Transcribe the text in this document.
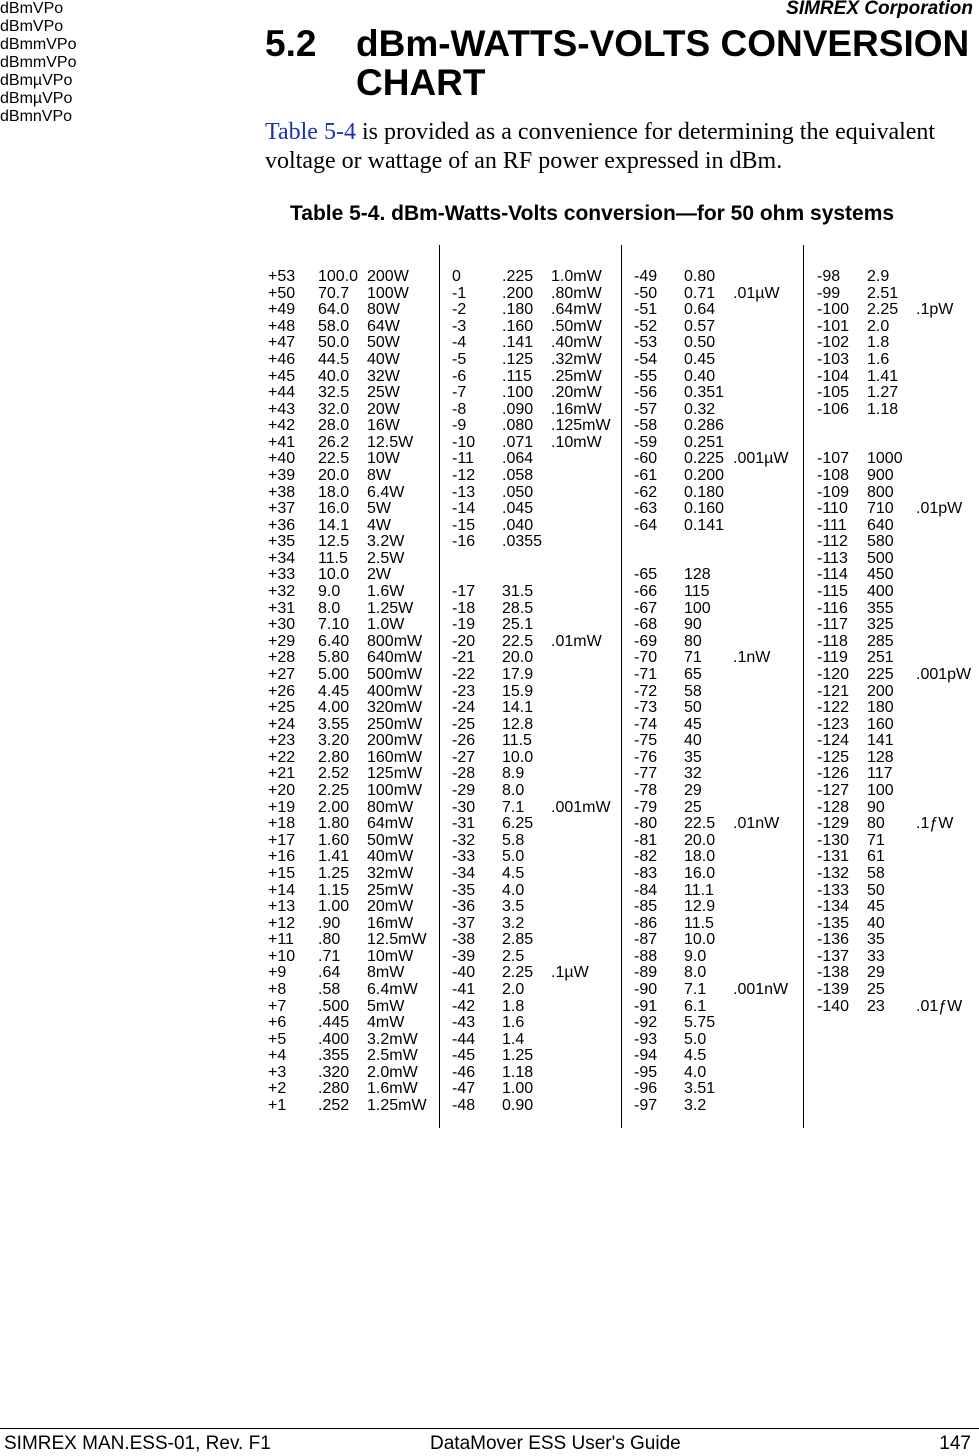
SIMREX Corporation
5.2 dBm-WATTS-VOLTS CONVERSION CHART
Table 5-4 is provided as a convenience for determining the equivalent voltage or wattage of an RF power expressed in dBm.
Table 5-4. dBm-Watts-Volts conversion—for 50 ohm systems
SIMREX MAN.ESS-01, Rev. F1	DataMover ESS User's Guide	147
dBmVPo
+53 100.0 200W
+50 70.7 100W
+49 64.0 80W
+48 58.0 64W
+47 50.0 50W
+46 44.5 40W
+45 40.0 32W
+44 32.5 25W
+43 32.0 20W
+42 28.0 16W
+41 26.2 12.5W
+40 22.5 10W
+39 20.0 8W
+38 18.0 6.4W
+37 16.0 5W
+36 14.1 4W
+35 12.5 3.2W
+34 11.5 2.5W
+33 10.0 2W
+32 9.0 1.6W
+31 8.0 1.25W
+30 7.10 1.0W
+29 6.40 800mW
+28 5.80 640mW
+27 5.00 500mW
+26 4.45 400mW
+25 4.00 320mW
+24 3.55 250mW
+23 3.20 200mW
+22 2.80 160mW
+21 2.52 125mW
+20 2.25 100mW
+19 2.00 80mW
+18 1.80 64mW
+17 1.60 50mW
+16 1.41 40mW
+15 1.25 32mW
+14 1.15 25mW
+13 1.00 20mW
+12 .90 16mW
+11 .80 12.5mW
+10 .71 10mW
+9 .64 8mW
+8 .58 6.4mW
+7 .500 5mW
+6 .445 4mW
+5 .400 3.2mW
+4 .355 2.5mW
+3 .320 2.0mW
+2 .280 1.6mW
+1 .252 1.25mW
dBmVPo
0	.225 1.0mW
-1 .200 .80mW
-2 .180 .64mW
-3 .160 .50mW
-4 .141 .40mW
-5 .125 .32mW
-6 .115 .25mW
-7 .100 .20mW
-8 .090 .16mW
-9 .080 .125mW
-10 .071 .10mW
-11 .064
-12 .058
-13 .050
-14 .045
-15 .040
-16 .0355
dBmmVPo
-17 31.5
-18 28.5
-19 25.1
-20 22.5 .01mW
-21 20.0
-22 17.9
-23 15.9
-24 14.1
-25 12.8
-26 11.5
-27 10.0
-28 8.9
-29 8.0
-30 7.1 .001mW
-31 6.25
-32 5.8
-33 5.0
-34 4.5
-35 4.0
-36 3.5
-37 3.2
-38 2.85
-39 2.5
-40 2.25 .1µW
-41 2.0
-42 1.8
-43 1.6
-44 1.4
-45 1.25
-46 1.18
-47 1.00
-48 0.90
dBmmVPo
-49 0.80
-50 0.71 .01µW
-51 0.64
-52 0.57
-53 0.50
-54 0.45
-55 0.40
-56 0.351
-57 0.32
-58 0.286
-59 0.251
-60 0.225 .001µW
-61 0.200
-62 0.180
-63 0.160
-64 0.141
dBmµVPo
-65 128
-66 115
-67 100
-68 90
-69 80
-70 71 .1nW
-71 65
-72 58
-73 50
-74 45
-75 40
-76 35
-77 32
-78 29
-79 25
-80 22.5 .01nW
-81 20.0
-82 18.0
-83 16.0
-84 11.1
-85 12.9
-86 11.5
-87 10.0
-88 9.0
-89 8.0
-90 7.1 .001nW
-91 6.1
-92 5.75
-93 5.0
-94 4.5
-95 4.0
-96 3.51
-97 3.2
dBmµVPo
-98 2.9
-99 2.51
-100 2.25 .1pW
-101 2.0
-102 1.8
-103 1.6
-104 1.41
-105 1.27
-106 1.18
dBmnVPo
-107 1000
-108 900
-109 800
-110 710 .01pW
-111 640
-112 580
-113 500
-114 450
-115 400
-116 355
-117 325
-118 285
-119 251
-120 225 .001pW
-121 200
-122 180
-123 160
-124 141
-125 128
-126 117
-127 100
-128 90
-129 80 .1ƒW
-130 71
-131 61
-132 58
-133 50
-134 45
-135 40
-136 35
-137 33
-138 29
-139 25
-140 23 .01ƒW
